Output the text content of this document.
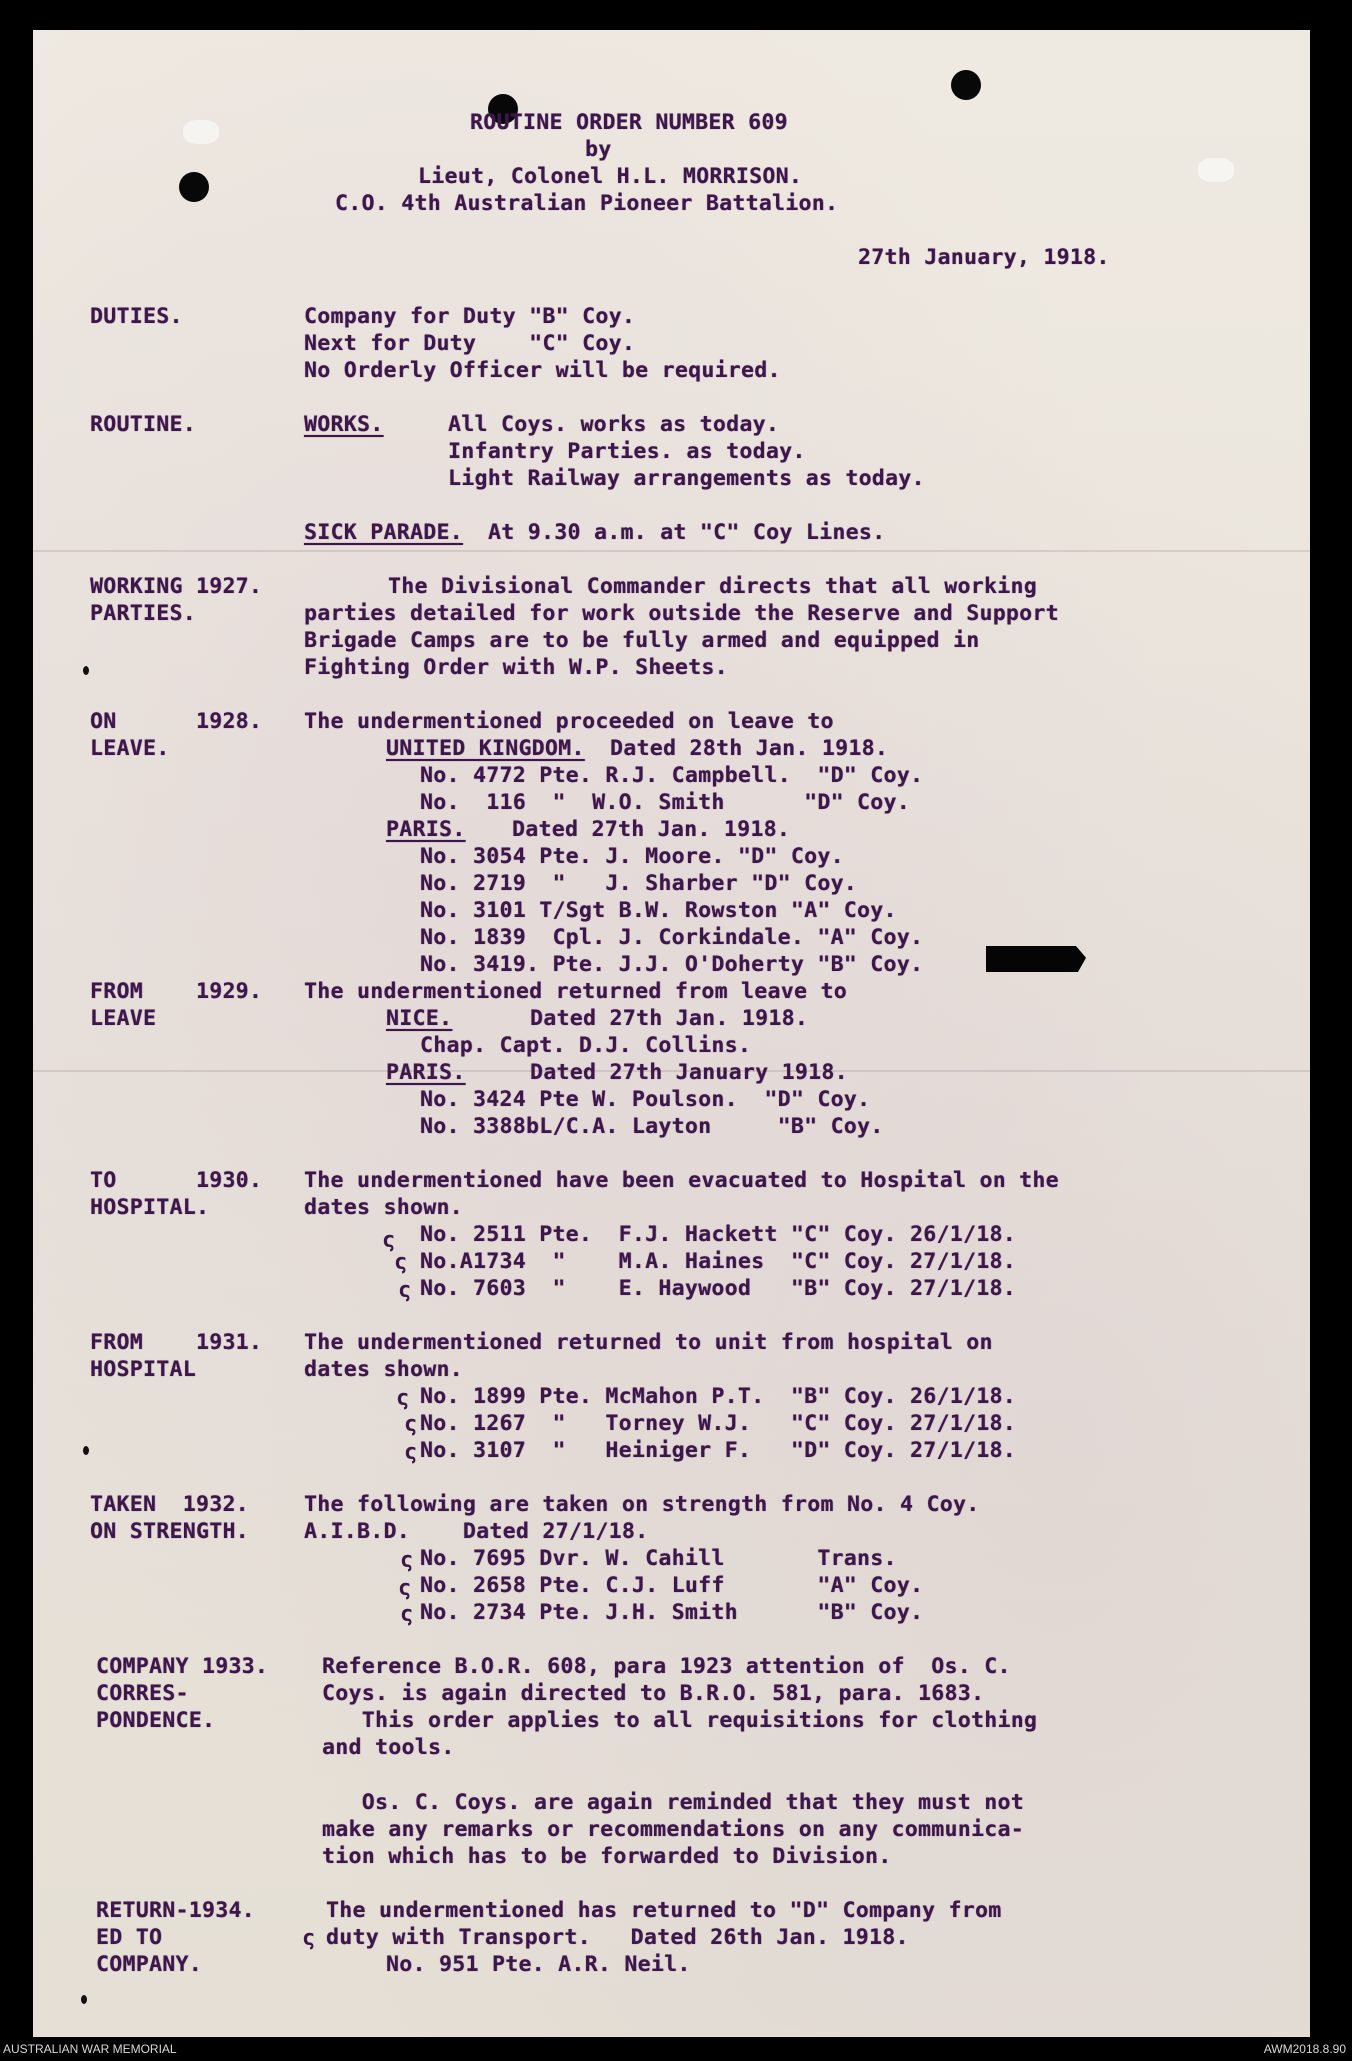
ROUTINE ORDER NUMBER 609
by
Lieut, Colonel H.L. MORRISON.
C.O. 4th Australian Pioneer Battalion.
27th January, 1918.
DUTIES.	Company for Duty "B" Coy.
Next for Duty    "C" Coy.
No Orderly Officer will be required.
ROUTINE.	WORKS.	All Coys. works as today.
Infantry Parties. as today.
Light Railway arrangements as today.
SICK PARADE. At 9.30 a.m. at "C" Coy Lines.
WORKING 1927.
PARTIES.
The Divisional Commander directs that all working
parties detailed for work outside the Reserve and Support
Brigade Camps are to be fully armed and equipped in
Fighting Order with W.P. Sheets.
ON      1928.
LEAVE.
The undermentioned proceeded on leave to
UNITED KINGDOM. Dated 28th Jan. 1918.
No. 4772 Pte. R.J. Campbell.  "D" Coy.
No.  116  "  W.O. Smith      "D" Coy.
PARIS. Dated 27th Jan. 1918.
No. 3054 Pte. J. Moore. "D" Coy.
No. 2719  "   J. Sharber "D" Coy.
No. 3101 T/Sgt B.W. Rowston "A" Coy.
No. 1839  Cpl. J. Corkindale. "A" Coy.
No. 3419. Pte. J.J. O'Doherty "B" Coy.
FROM    1929.
LEAVE
The undermentioned returned from leave to
NICE.	Dated 27th Jan. 1918.
Chap. Capt. D.J. Collins.
PARIS.	Dated 27th January 1918.
No. 3424 Pte W. Poulson.  "D" Coy.
No. 3388bL/C.A. Layton     "B" Coy.
TO      1930.
HOSPITAL.
The undermentioned have been evacuated to Hospital on the
dates shown.
No. 2511 Pte.  F.J. Hackett "C" Coy. 26/1/18.
No.A1734  "    M.A. Haines  "C" Coy. 27/1/18.
No. 7603  "    E. Haywood   "B" Coy. 27/1/18.
ς
ς
ς
FROM    1931.
HOSPITAL
The undermentioned returned to unit from hospital on
dates shown.
No. 1899 Pte. McMahon P.T.  "B" Coy. 26/1/18.
No. 1267  "   Torney W.J.   "C" Coy. 27/1/18.
No. 3107  "   Heiniger F.   "D" Coy. 27/1/18.
ς
ς
ς
TAKEN  1932.
ON STRENGTH.
The following are taken on strength from No. 4 Coy.
A.I.B.D.    Dated 27/1/18.
No. 7695 Dvr. W. Cahill       Trans.
No. 2658 Pte. C.J. Luff       "A" Coy.
No. 2734 Pte. J.H. Smith      "B" Coy.
ς
ς
ς
COMPANY 1933.
CORRES-
PONDENCE.
Reference B.O.R. 608, para 1923 attention of  Os. C.
Coys. is again directed to B.R.O. 581, para. 1683.
This order applies to all requisitions for clothing
and tools.
Os. C. Coys. are again reminded that they must not
make any remarks or recommendations on any communica-
tion which has to be forwarded to Division.
RETURN-1934.
ED TO
COMPANY.
The undermentioned has returned to "D" Company from
duty with Transport.   Dated 26th Jan. 1918.
No. 951 Pte. A.R. Neil.
ς
AUSTRALIAN WAR MEMORIAL	AWM2018.8.90
